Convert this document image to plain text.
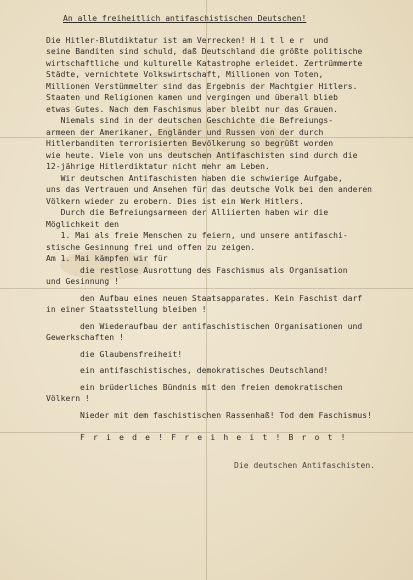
An alle freiheitlich antifaschistischen Deutschen!
Die Hitler-Blutdiktatur ist am Verrecken! H i t l e r  und
seine Banditen sind schuld, daß Deutschland die größte politische
wirtschaftliche und kulturelle Katastrophe erleidet. Zertrümmerte
Städte, vernichtete Volkswirtschaft, Millionen von Toten,
Millionen Verstümmelter sind das Ergebnis der Machtgier Hitlers.
Staaten und Religionen kamen und vergingen und überall blieb
etwas Gutes. Nach dem Faschismus aber bleibt nur das Grauen.
Niemals sind in der deutschen Geschichte die Befreiungs-
armeen der Amerikaner, Engländer und Russen von der durch
Hitlerbanditen terrorisierten Bevölkerung so begrüßt worden
wie heute. Viele von uns deutschen Antifaschisten sind durch die
12-jährige Hitlerdiktatur nicht mehr am Leben.
Wir deutschen Antifaschisten haben die schwierige Aufgabe,
uns das Vertrauen und Ansehen für das deutsche Volk bei den anderen
Völkern wieder zu erobern. Dies ist ein Werk Hitlers.
Durch die Befreiungsarmeen der Alliierten haben wir die
Möglichkeit den
1. Mai als freie Menschen zu feiern, und unsere antifaschi-
stische Gesinnung frei und offen zu zeigen.
Am 1. Mai kämpfen wir für
die restlose Ausrottung des Faschismus als Organisation
und Gesinnung !
den Aufbau eines neuen Staatsapparates. Kein Faschist darf
in einer Staatsstellung bleiben !
den Wiederaufbau der antifaschistischen Organisationen und
Gewerkschaften !
die Glaubensfreiheit!
ein antifaschistisches, demokratisches Deutschland!
ein brüderliches Bündnis mit den freien demokratischen
Völkern !
Nieder mit dem faschistischen Rassenhaß! Tod dem Faschismus!
F r i e d e ! F r e i h e i t ! B r o t !
Die deutschen Antifaschisten.
